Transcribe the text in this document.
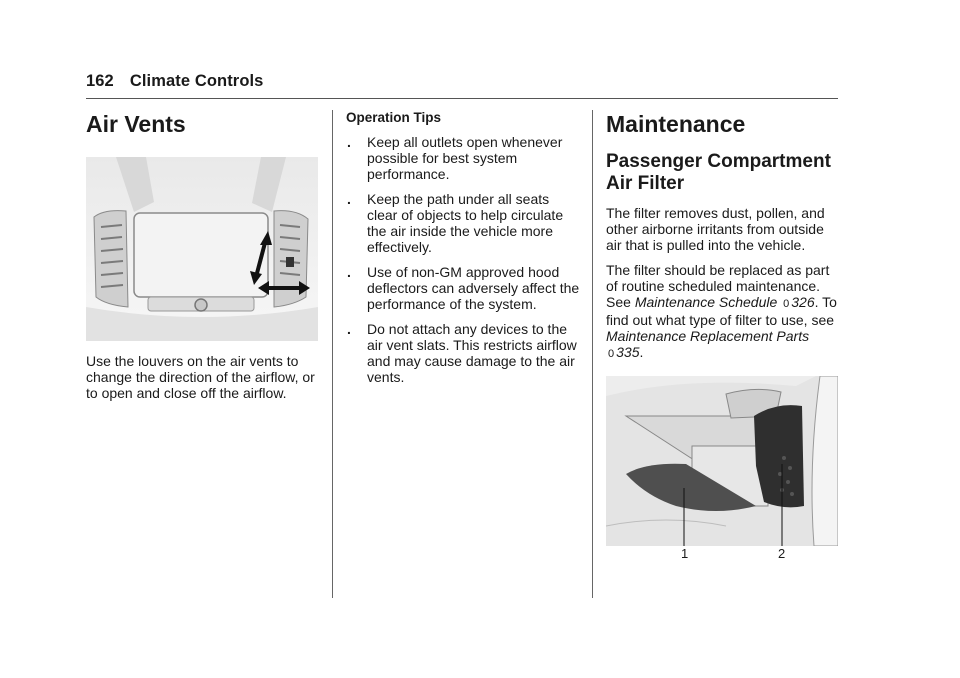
162 Climate Controls
Air Vents

Use the louvers on the air vents to change the direction of the airflow, or to open and close off the airflow.

Operation Tips
. Keep all outlets open whenever possible for best system performance.
. Keep the path under all seats clear of objects to help circulate the air inside the vehicle more effectively.
. Use of non-GM approved hood deflectors can adversely affect the performance of the system.
. Do not attach any devices to the air vent slats. This restricts airflow and may cause damage to the air vents.
Maintenance
Passenger Compartment Air Filter

The filter removes dust, pollen, and other airborne irritants from outside air that is pulled into the vehicle.

The filter should be replaced as part of routine scheduled maintenance. See Maintenance Schedule 0 326. To find out what type of filter to use, see Maintenance Replacement Parts 0 335.

1	2
